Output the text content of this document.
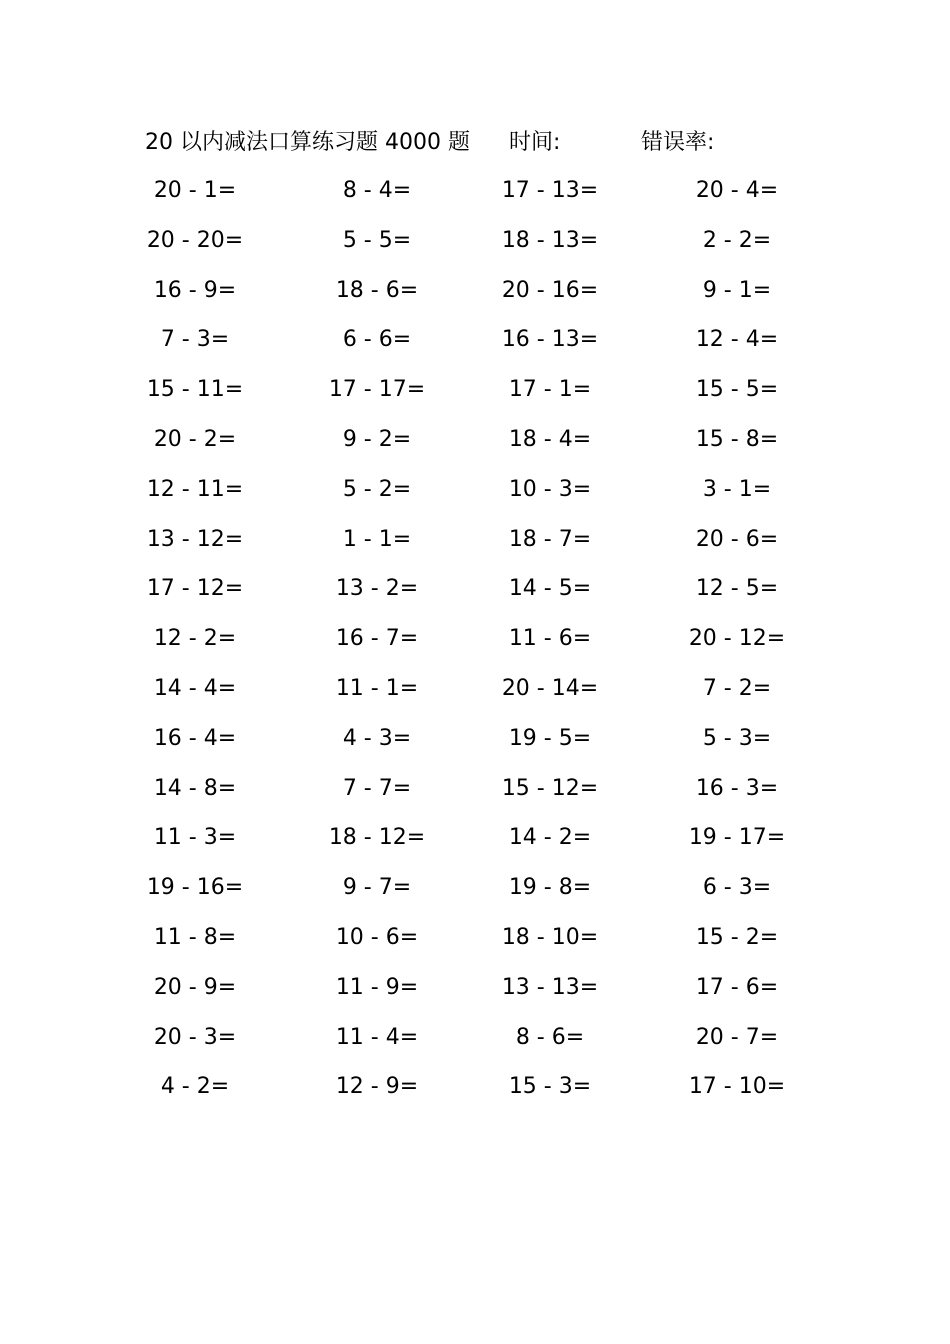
20 以内减法口算练习题 4000 题 时间:	错误率:
20 - 1=	8 - 4=	17 - 13=	20 - 4=
20 - 20=	5 - 5=	18 - 13=	2 - 2=
16 - 9=	18 - 6=	20 - 16=	9 - 1=
7 - 3=	6 - 6=	16 - 13=	12 - 4=
15 - 11=	17 - 17=	17 - 1=	15 - 5=
20 - 2=	9 - 2=	18 - 4=	15 - 8=
12 - 11=	5 - 2=	10 - 3=	3 - 1=
13 - 12=	1 - 1=	18 - 7=	20 - 6=
17 - 12=	13 - 2=	14 - 5=	12 - 5=
12 - 2=	16 - 7=	11 - 6=	20 - 12=
14 - 4=	11 - 1=	20 - 14=	7 - 2=
16 - 4=	4 - 3=	19 - 5=	5 - 3=
14 - 8=	7 - 7=	15 - 12=	16 - 3=
11 - 3=	18 - 12=	14 - 2=	19 - 17=
19 - 16=	9 - 7=	19 - 8=	6 - 3=
11 - 8=	10 - 6=	18 - 10=	15 - 2=
20 - 9=	11 - 9=	13 - 13=	17 - 6=
20 - 3=	11 - 4=	8 - 6=	20 - 7=
4 - 2=	12 - 9=	15 - 3=	17 - 10=
